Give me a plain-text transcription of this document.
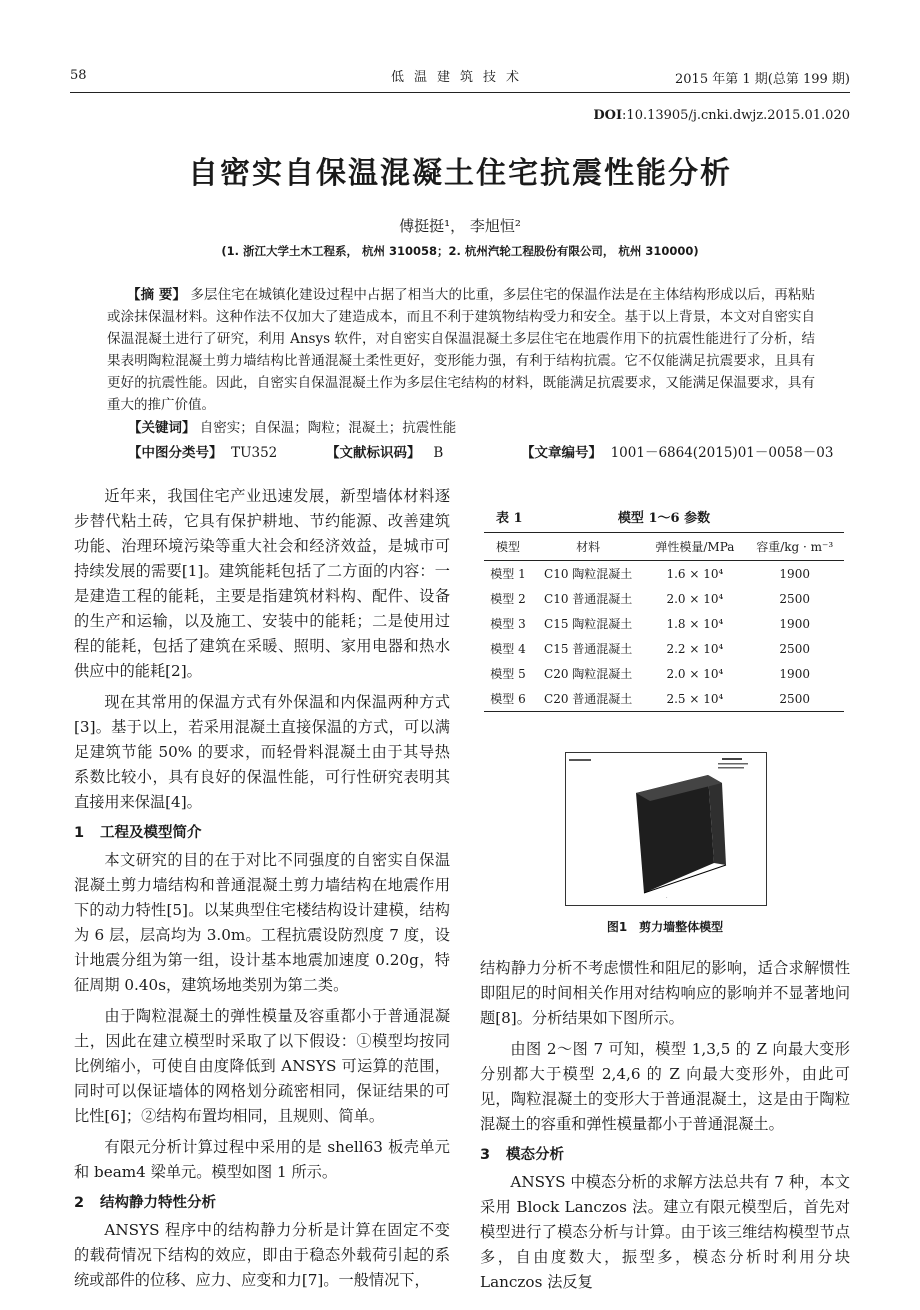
58	低温建筑技术	2015 年第 1 期(总第 199 期)
DOI:10.13905/j.cnki.dwjz.2015.01.020
自密实自保温混凝土住宅抗震性能分析
傅挺挺¹， 李旭恒²
(1. 浙江大学土木工程系， 杭州 310058；2. 杭州汽轮工程股份有限公司， 杭州 310000)
【摘 要】 多层住宅在城镇化建设过程中占据了相当大的比重，多层住宅的保温作法是在主体结构形成以后，再粘贴或涂抹保温材料。这种作法不仅加大了建造成本，而且不利于建筑物结构受力和安全。基于以上背景，本文对自密实自保温混凝土进行了研究，利用 Ansys 软件，对自密实自保温混凝土多层住宅在地震作用下的抗震性能进行了分析，结果表明陶粒混凝土剪力墙结构比普通混凝土柔性更好，变形能力强，有利于结构抗震。它不仅能满足抗震要求，且具有更好的抗震性能。因此，自密实自保温混凝土作为多层住宅结构的材料，既能满足抗震要求，又能满足保温要求，具有重大的推广价值。
【关键词】 自密实；自保温；陶粒；混凝土；抗震性能
【中图分类号】 TU352	【文献标识码】 B	【文章编号】 1001－6864(2015)01－0058－03

近年来，我国住宅产业迅速发展，新型墙体材料逐步替代粘土砖，它具有保护耕地、节约能源、改善建筑功能、治理环境污染等重大社会和经济效益，是城市可持续发展的需要[1]。建筑能耗包括了二方面的内容：一是建造工程的能耗，主要是指建筑材料构、配件、设备的生产和运输，以及施工、安装中的能耗；二是使用过程的能耗，包括了建筑在采暖、照明、家用电器和热水供应中的能耗[2]。

现在其常用的保温方式有外保温和内保温两种方式[3]。基于以上，若采用混凝土直接保温的方式，可以满足建筑节能 50% 的要求，而轻骨料混凝土由于其导热系数比较小，具有良好的保温性能，可行性研究表明其直接用来保温[4]。

1 工程及模型简介

本文研究的目的在于对比不同强度的自密实自保温混凝土剪力墙结构和普通混凝土剪力墙结构在地震作用下的动力特性[5]。以某典型住宅楼结构设计建模，结构为 6 层，层高均为 3.0m。工程抗震设防烈度 7 度，设计地震分组为第一组，设计基本地震加速度 0.20g，特征周期 0.40s，建筑场地类别为第二类。

由于陶粒混凝土的弹性模量及容重都小于普通混凝土，因此在建立模型时采取了以下假设：①模型均按同比例缩小，可使自由度降低到 ANSYS 可运算的范围，同时可以保证墙体的网格划分疏密相同，保证结果的可比性[6]；②结构布置均相同，且规则、简单。

有限元分析计算过程中采用的是 shell63 板壳单元和 beam4 梁单元。模型如图 1 所示。

2 结构静力特性分析

ANSYS 程序中的结构静力分析是计算在固定不变的载荷情况下结构的效应，即由于稳态外载荷引起的系统或部件的位移、应力、应变和力[7]。一般情况下，

表 1	模型 1～6 参数
模型	材料	弹性模量/MPa	容重/kg · m⁻³
模型 1	C10 陶粒混凝土	1.6 × 10⁴	1900
模型 2	C10 普通混凝土	2.0 × 10⁴	2500
模型 3	C15 陶粒混凝土	1.8 × 10⁴	1900
模型 4	C15 普通混凝土	2.2 × 10⁴	2500
模型 5	C20 陶粒混凝土	2.0 × 10⁴	1900
模型 6	C20 普通混凝土	2.5 × 10⁴	2500
·
图1 剪力墙整体模型

结构静力分析不考虑惯性和阻尼的影响，适合求解惯性即阻尼的时间相关作用对结构响应的影响并不显著地问题[8]。分析结果如下图所示。

由图 2～图 7 可知，模型 1,3,5 的 Z 向最大变形分别都大于模型 2,4,6 的 Z 向最大变形外，由此可见，陶粒混凝土的变形大于普通混凝土，这是由于陶粒混凝土的容重和弹性模量都小于普通混凝土。

3 模态分析

ANSYS 中模态分析的求解方法总共有 7 种，本文采用 Block Lanczos 法。建立有限元模型后，首先对模型进行了模态分析与计算。由于该三维结构模型节点多，自由度数大，振型多，模态分析时利用分块 Lanczos 法反复
